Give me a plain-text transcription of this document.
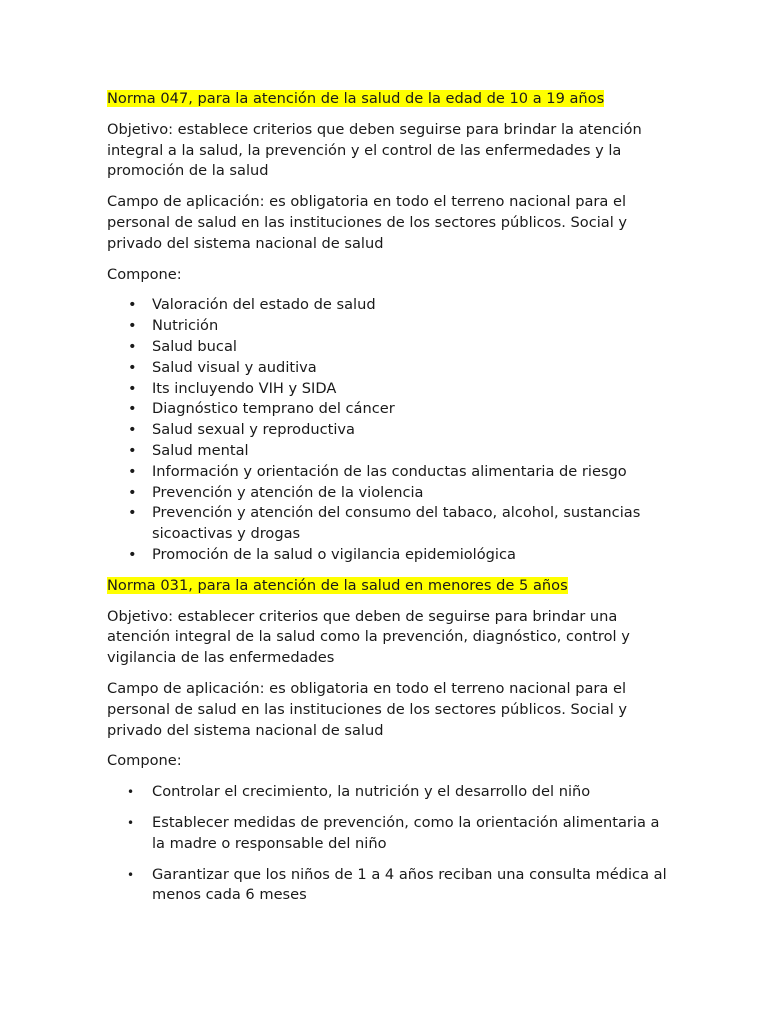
Norma 047, para la atención de la salud de la edad de 10 a 19 años

Objetivo: establece criterios que deben seguirse para brindar la atención integral a la salud, la prevención y el control de las enfermedades y la promoción de la salud

Campo de aplicación: es obligatoria en todo el terreno nacional para el personal de salud en las instituciones de los sectores públicos. Social y privado del sistema nacional de salud

Compone:

•	Valoración del estado de salud
•	Nutrición
•	Salud bucal
•	Salud visual y auditiva
•	Its incluyendo VIH y SIDA
•	Diagnóstico temprano del cáncer
•	Salud sexual y reproductiva
•	Salud mental
•	Información y orientación de las conductas alimentaria de riesgo
•	Prevención y atención de la violencia
•	Prevención y atención del consumo del tabaco, alcohol, sustancias sicoactivas y drogas
•	Promoción de la salud o vigilancia epidemiológica
Norma 031, para la atención de la salud en menores de 5 años

Objetivo: establecer criterios que deben de seguirse para brindar una atención integral de la salud como la prevención, diagnóstico, control y vigilancia de las enfermedades

Campo de aplicación: es obligatoria en todo el terreno nacional para el personal de salud en las instituciones de los sectores públicos. Social y privado del sistema nacional de salud

Compone:

•	Controlar el crecimiento, la nutrición y el desarrollo del niño
•	Establecer medidas de prevención, como la orientación alimentaria a la madre o responsable del niño
•	Garantizar que los niños de 1 a 4 años reciban una consulta médica al menos cada 6 meses
